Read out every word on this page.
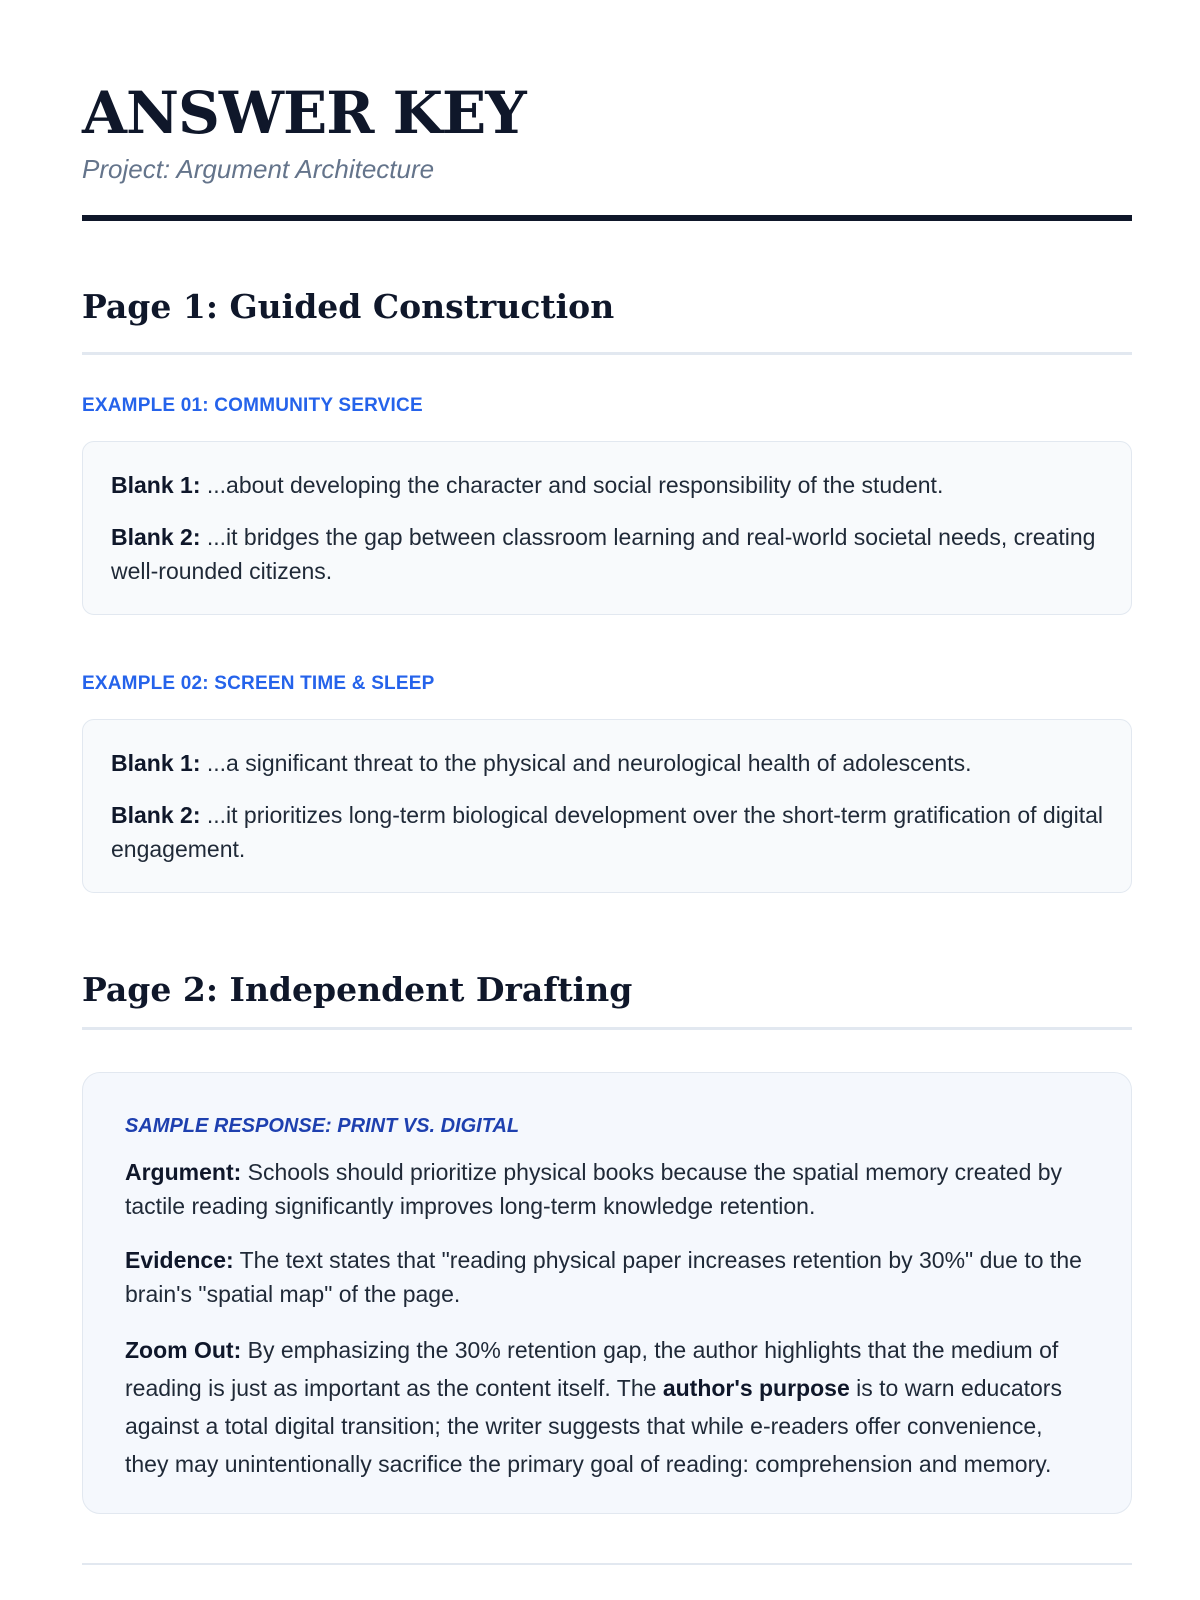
ANSWER KEY
Project: Argument Architecture
Page 1: Guided Construction
EXAMPLE 01: COMMUNITY SERVICE

Blank 1: ...about developing the character and social responsibility of the student.

Blank 2: ...it bridges the gap between classroom learning and real-world societal needs, creating well-rounded citizens.

EXAMPLE 02: SCREEN TIME & SLEEP

Blank 1: ...a significant threat to the physical and neurological health of adolescents.

Blank 2: ...it prioritizes long-term biological development over the short-term gratification of digital engagement.

Page 2: Independent Drafting

SAMPLE RESPONSE: PRINT VS. DIGITAL

Argument: Schools should prioritize physical books because the spatial memory created by tactile reading significantly improves long-term knowledge retention.

Evidence: The text states that "reading physical paper increases retention by 30%" due to the brain's "spatial map" of the page.

Zoom Out: By emphasizing the 30% retention gap, the author highlights that the medium of reading is just as important as the content itself. The author's purpose is to warn educators against a total digital transition; the writer suggests that while e-readers offer convenience, they may unintentionally sacrifice the primary goal of reading: comprehension and memory.
